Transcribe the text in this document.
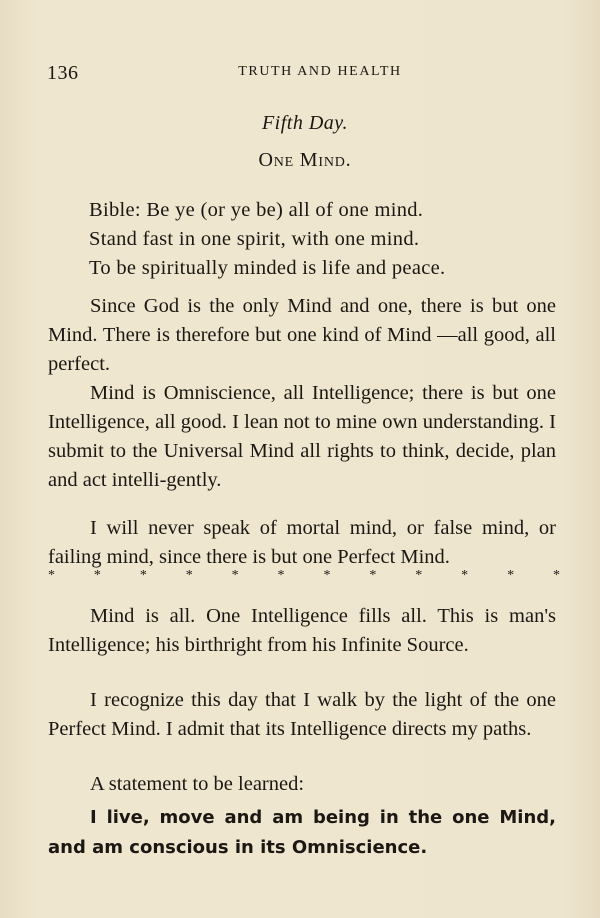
136	TRUTH AND HEALTH
Fifth Day.
One Mind.
Bible: Be ye (or ye be) all of one mind.
Stand fast in one spirit, with one mind.
To be spiritually minded is life and peace.

Since God is the only Mind and one, there is but one Mind. There is therefore but one kind of Mind —all good, all perfect.

Mind is Omniscience, all Intelligence; there is but one Intelligence, all good. I lean not to mine own understanding. I submit to the Universal Mind all rights to think, decide, plan and act intelli-gently.

I will never speak of mortal mind, or false mind, or failing mind, since there is but one Perfect Mind.

*	*	*	*	*	*	*	*	*	*	*	*

Mind is all. One Intelligence fills all. This is man's Intelligence; his birthright from his Infinite Source.

I recognize this day that I walk by the light of the one Perfect Mind. I admit that its Intelligence directs my paths.

A statement to be learned:

I live, move and am being in the one Mind, and am conscious in its Omniscience.
